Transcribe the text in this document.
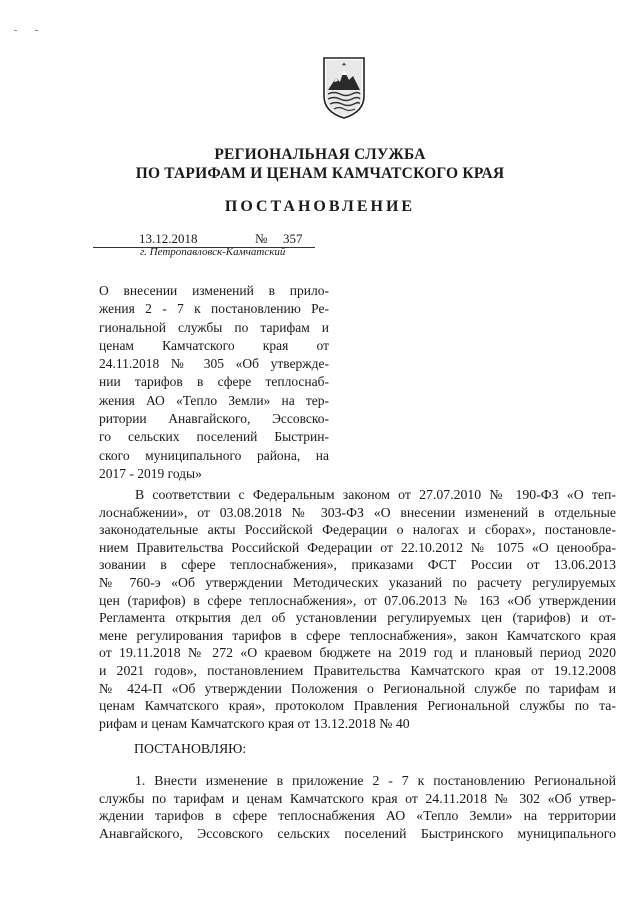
РЕГИОНАЛЬНАЯ СЛУЖБА
ПО ТАРИФАМ И ЦЕНАМ КАМЧАТСКОГО КРАЯ
ПОСТАНОВЛЕНИЕ
13.12.2018	№ 357
г. Петропавловск-Камчатский
О внесении изменений в прило-
жения 2 - 7 к постановлению Ре-
гиональной службы по тарифам и
ценам Камчатского края от
24.11.2018 № 305 «Об утвержде-
нии тарифов в сфере теплоснаб-
жения АО «Тепло Земли» на тер-
ритории Анавгайского, Эссовско-
го сельских поселений Быстрин-
ского муниципального района, на
2017 - 2019 годы»
В соответствии с Федеральным законом от 27.07.2010 № 190-ФЗ «О теп-
лоснабжении», от 03.08.2018 № 303-ФЗ «О внесении изменений в отдельные
законодательные акты Российской Федерации о налогах и сборах», постановле-
нием Правительства Российской Федерации от 22.10.2012 № 1075 «О ценообра-
зовании в сфере теплоснабжения», приказами ФСТ России от 13.06.2013
№ 760-э «Об утверждении Методических указаний по расчету регулируемых
цен (тарифов) в сфере теплоснабжения», от 07.06.2013 № 163 «Об утверждении
Регламента открытия дел об установлении регулируемых цен (тарифов) и от-
мене регулирования тарифов в сфере теплоснабжения», закон Камчатского края
от 19.11.2018 № 272 «О краевом бюджете на 2019 год и плановый период 2020
и 2021 годов», постановлением Правительства Камчатского края от 19.12.2008
№ 424-П «Об утверждении Положения о Региональной службе по тарифам и
ценам Камчатского края», протоколом Правления Региональной службы по та-
рифам и ценам Камчатского края от 13.12.2018 № 40
ПОСТАНОВЛЯЮ:
1. Внести изменение в приложение 2 - 7 к постановлению Региональной
службы по тарифам и ценам Камчатского края от 24.11.2018 № 302 «Об утвер-
ждении тарифов в сфере теплоснабжения АО «Тепло Земли» на территории
Анавгайского, Эссовского сельских поселений Быстринского муниципального
